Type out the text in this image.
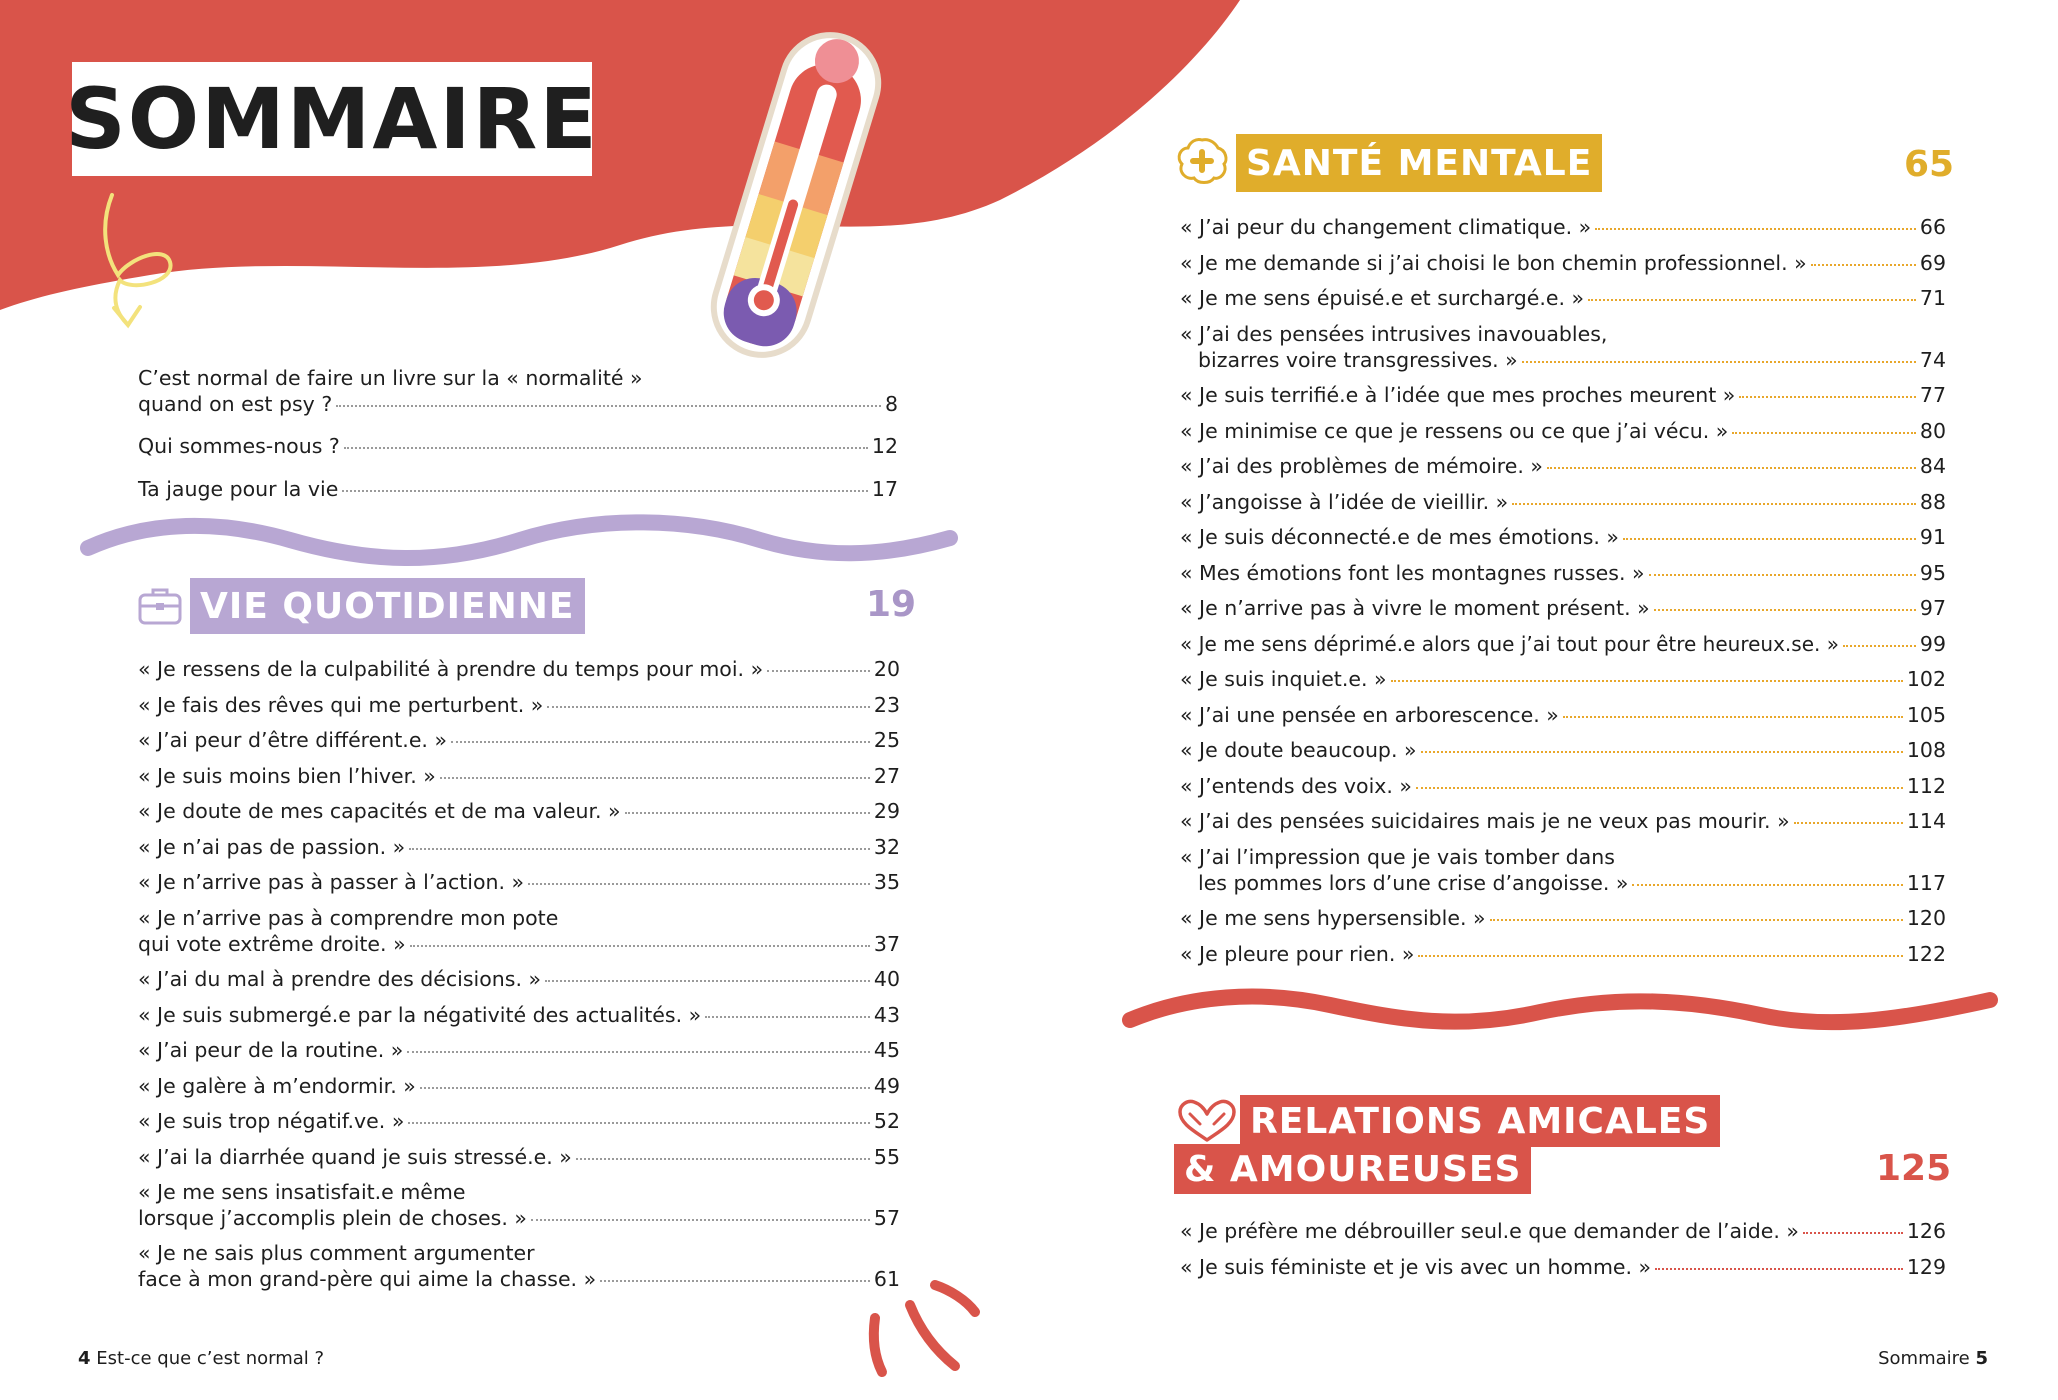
SOMMAIRE
C’est normal de faire un livre sur la « normalité »
quand on est psy ?	8
Qui sommes-nous ?	12
Ta jauge pour la vie	17
VIE QUOTIDIENNE	19
« Je ressens de la culpabilité à prendre du temps pour moi. »	20
« Je fais des rêves qui me perturbent. »	23
« J’ai peur d’être différent.e. »	25
« Je suis moins bien l’hiver. »	27
« Je doute de mes capacités et de ma valeur. »	29
« Je n’ai pas de passion. »	32
« Je n’arrive pas à passer à l’action. »	35
« Je n’arrive pas à comprendre mon pote
qui vote extrême droite. »	37
« J’ai du mal à prendre des décisions. »	40
« Je suis submergé.e par la négativité des actualités. »	43
« J’ai peur de la routine. »	45
« Je galère à m’endormir. »	49
« Je suis trop négatif.ve. »	52
« J’ai la diarrhée quand je suis stressé.e. »	55
« Je me sens insatisfait.e même
lorsque j’accomplis plein de choses. »	57
« Je ne sais plus comment argumenter
face à mon grand-père qui aime la chasse. »	61
SANTÉ MENTALE	65
« J’ai peur du changement climatique. »	66
« Je me demande si j’ai choisi le bon chemin professionnel. »	69
« Je me sens épuisé.e et surchargé.e. »	71
« J’ai des pensées intrusives inavouables,
bizarres voire transgressives. »	74
« Je suis terrifié.e à l’idée que mes proches meurent »	77
« Je minimise ce que je ressens ou ce que j’ai vécu. »	80
« J’ai des problèmes de mémoire. »	84
« J’angoisse à l’idée de vieillir. »	88
« Je suis déconnecté.e de mes émotions. »	91
« Mes émotions font les montagnes russes. »	95
« Je n’arrive pas à vivre le moment présent. »	97
« Je me sens déprimé.e alors que j’ai tout pour être heureux.se. »	99
« Je suis inquiet.e. »	102
« J’ai une pensée en arborescence. »	105
« Je doute beaucoup. »	108
« J’entends des voix. »	112
« J’ai des pensées suicidaires mais je ne veux pas mourir. »	114
« J’ai l’impression que je vais tomber dans
les pommes lors d’une crise d’angoisse. »	117
« Je me sens hypersensible. »	120
« Je pleure pour rien. »	122
RELATIONS AMICALES
& AMOUREUSES	125
« Je préfère me débrouiller seul.e que demander de l’aide. »	126
« Je suis féministe et je vis avec un homme. »	129
4 Est-ce que c’est normal ?	Sommaire 5
